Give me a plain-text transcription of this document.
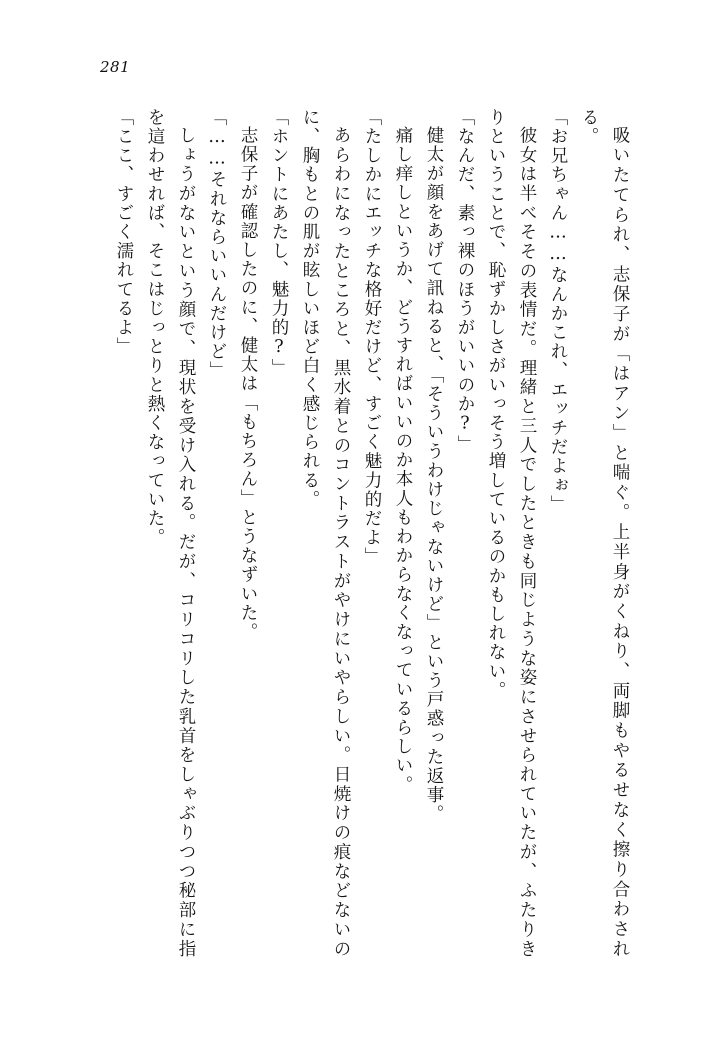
281

吸いたてられ、志保子が「はアン」と喘ぐ。上半身がくねり、両脚もやるせなく擦り合わされる。

「お兄ちゃん……なんかこれ、エッチだよぉ」

彼女は半べそその表情だ。理緒と三人でしたときも同じような姿にさせられていたが、ふたりきりということで、恥ずかしさがいっそう増しているのかもしれない。

「なんだ、素っ裸のほうがいいのか?」

健太が顔をあげて訊ねると、「そういうわけじゃないけど」という戸惑った返事。

痛し痒しというか、どうすればいいのか本人もわからなくなっているらしい。

「たしかにエッチな格好だけど、すごく魅力的だよ」

あらわになったところと、黒水着とのコントラストがやけにいやらしい。日焼けの痕などないのに、胸もとの肌が眩しいほど白く感じられる。

「ホントにあたし、魅力的?」

志保子が確認したのに、健太は「もちろん」とうなずいた。

「……それならいいんだけど」

しょうがないという顔で、現状を受け入れる。だが、コリコリした乳首をしゃぶりつつ秘部に指を這わせれば、そこはじっとりと熱くなっていた。

「ここ、すごく濡れてるよ」
